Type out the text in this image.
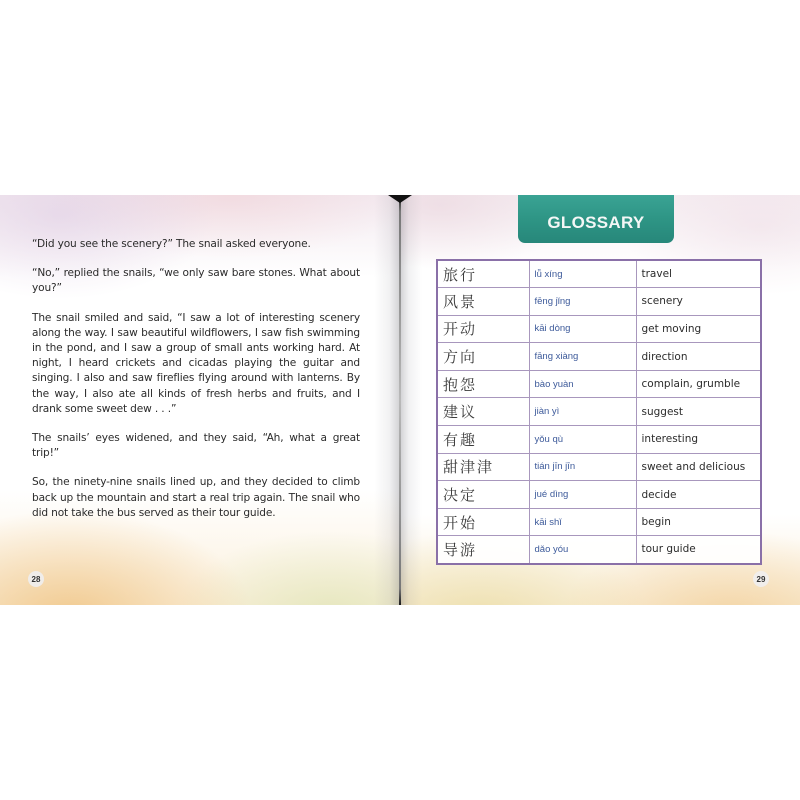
“Did you see the scenery?” The snail asked everyone.

“No,” replied the snails, “we only saw bare stones. What about you?”

The snail smiled and said, “I saw a lot of interesting scenery along the way. I saw beautiful wildflowers, I saw fish swimming in the pond, and I saw a group of small ants working hard. At night, I heard crickets and cicadas playing the guitar and singing. I also and saw fireflies flying around with lanterns. By the way, I also ate all kinds of fresh herbs and fruits, and I drank some sweet dew . . .”

The snails’ eyes widened, and they said, “Ah, what a great trip!”

So, the ninety-nine snails lined up, and they decided to climb back up the mountain and start a real trip again. The snail who did not take the bus served as their tour guide.

28
GLOSSARY
旅行	lǚ xíng	travel
风景	fēng jǐng	scenery
开动	kāi dòng	get moving
方向	fāng xiàng	direction
抱怨	bào yuàn	complain, grumble
建议	jiàn yì	suggest
有趣	yǒu qù	interesting
甜津津	tián jīn jīn	sweet and delicious
决定	jué dìng	decide
开始	kāi shǐ	begin
导游	dǎo yóu	tour guide
29
